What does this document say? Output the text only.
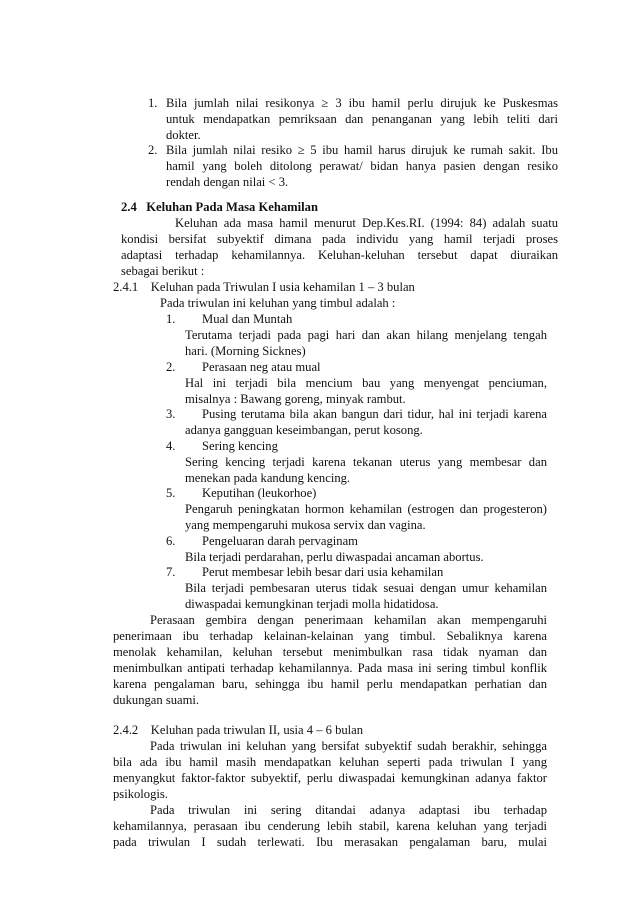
1. Bila jumlah nilai resikonya ≥ 3 ibu hamil perlu dirujuk ke Puskesmas
untuk mendapatkan pemriksaan dan penanganan yang lebih teliti dari
dokter.
2. Bila jumlah nilai resiko ≥ 5 ibu hamil harus dirujuk ke rumah sakit. Ibu
hamil yang boleh ditolong perawat/ bidan hanya pasien dengan resiko
rendah dengan nilai < 3.
2.4   Keluhan Pada Masa Kehamilan
Keluhan ada masa hamil menurut Dep.Kes.RI. (1994: 84) adalah suatu
kondisi bersifat subyektif dimana pada individu yang hamil terjadi proses
adaptasi terhadap kehamilannya. Keluhan-keluhan tersebut dapat diuraikan
sebagai berikut :
2.4.1    Keluhan pada Triwulan I usia kehamilan 1 – 3 bulan
Pada triwulan ini keluhan yang timbul adalah :
1. Mual dan Muntah
Terutama terjadi pada pagi hari dan akan hilang menjelang tengah
hari. (Morning Sicknes)
2. Perasaan neg atau mual
Hal ini terjadi bila mencium bau yang menyengat penciuman,
misalnya : Bawang goreng, minyak rambut.
3. Pusing terutama bila akan bangun dari tidur, hal ini terjadi karena
adanya gangguan keseimbangan, perut kosong.
4. Sering kencing
Sering kencing terjadi karena tekanan uterus yang membesar dan
menekan pada kandung kencing.
5. Keputihan (leukorhoe)
Pengaruh peningkatan hormon kehamilan (estrogen dan progesteron)
yang mempengaruhi mukosa servix dan vagina.
6. Pengeluaran darah pervaginam
Bila terjadi perdarahan, perlu diwaspadai ancaman abortus.
7. Perut membesar lebih besar dari usia kehamilan
Bila terjadi pembesaran uterus tidak sesuai dengan umur kehamilan
diwaspadai kemungkinan terjadi molla hidatidosa.
Perasaan gembira dengan penerimaan kehamilan akan mempengaruhi
penerimaan ibu terhadap kelainan-kelainan yang timbul. Sebaliknya karena
menolak kehamilan, keluhan tersebut menimbulkan rasa tidak nyaman dan
menimbulkan antipati terhadap kehamilannya. Pada masa ini sering timbul konflik
karena pengalaman baru, sehingga ibu hamil perlu mendapatkan perhatian dan
dukungan suami.
2.4.2    Keluhan pada triwulan II, usia 4 – 6 bulan
Pada triwulan ini keluhan yang bersifat subyektif sudah berakhir, sehingga
bila ada ibu hamil masih mendapatkan keluhan seperti pada triwulan I yang
menyangkut faktor-faktor subyektif, perlu diwaspadai kemungkinan adanya faktor
psikologis.
Pada triwulan ini sering ditandai adanya adaptasi ibu terhadap
kehamilannya, perasaan ibu cenderung lebih stabil, karena keluhan yang terjadi
pada triwulan I sudah terlewati. Ibu merasakan pengalaman baru, mulai
